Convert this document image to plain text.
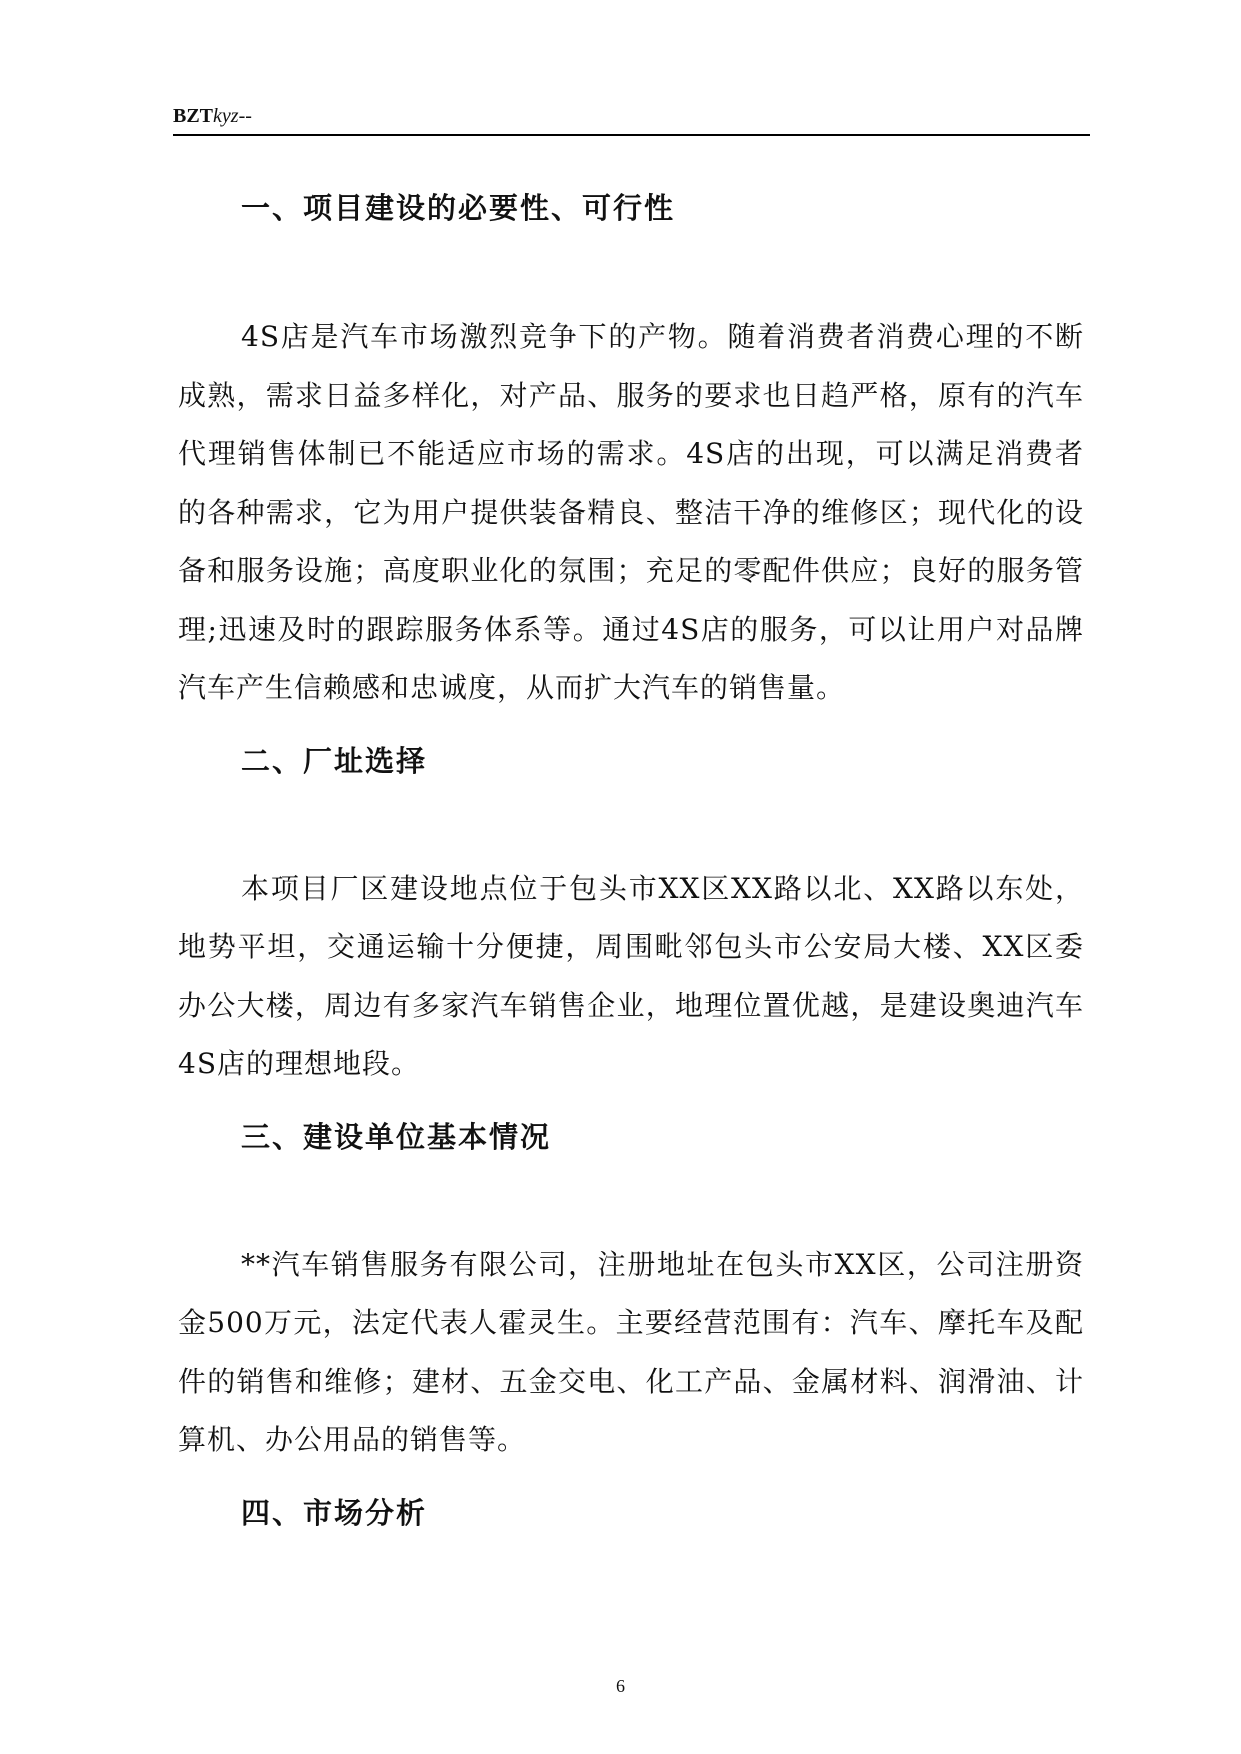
BZTkyz--
一、项目建设的必要性、可行性

4S店是汽车市场激烈竞争下的产物。随着消费者消费心理的不断成熟，需求日益多样化，对产品、服务的要求也日趋严格，原有的汽车代理销售体制已不能适应市场的需求。4S店的出现，可以满足消费者的各种需求，它为用户提供装备精良、整洁干净的维修区；现代化的设备和服务设施；高度职业化的氛围；充足的零配件供应；良好的服务管理;迅速及时的跟踪服务体系等。通过4S店的服务，可以让用户对品牌汽车产生信赖感和忠诚度，从而扩大汽车的销售量。

二、厂址选择

本项目厂区建设地点位于包头市XX区XX路以北、XX路以东处，地势平坦，交通运输十分便捷，周围毗邻包头市公安局大楼、XX区委办公大楼，周边有多家汽车销售企业，地理位置优越，是建设奥迪汽车4S店的理想地段。

三、建设单位基本情况

**汽车销售服务有限公司，注册地址在包头市XX区，公司注册资金500万元，法定代表人霍灵生。主要经营范围有：汽车、摩托车及配件的销售和维修；建材、五金交电、化工产品、金属材料、润滑油、计算机、办公用品的销售等。

四、市场分析
6
